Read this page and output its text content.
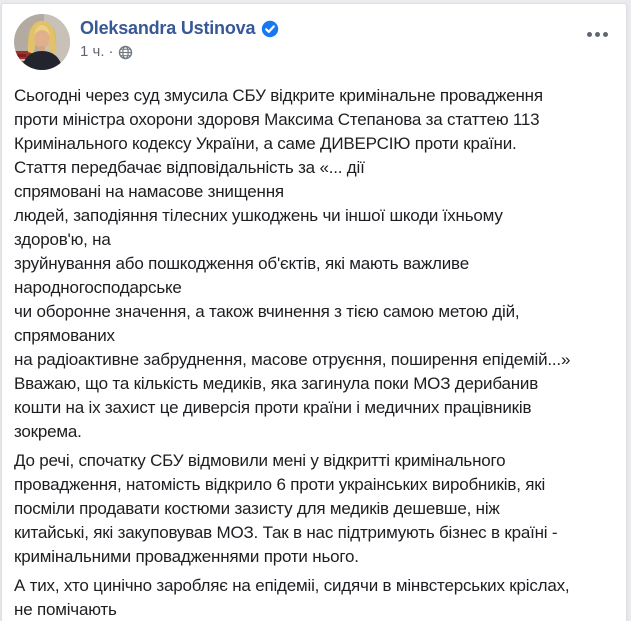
Oleksandra Ustinova
1 ч. ·
Сьогодні через суд змусила СБУ відкрите кримінальне провадження
проти міністра охорони здоровя Максима Степанова за статтею 113
Кримінального кодексу України, а саме ДИВЕРСІЮ проти країни.
Стаття передбачає відповідальність за «... дії
спрямовані на намасове знищення
людей, заподіяння тілесних ушкоджень чи іншої шкоди їхньому
здоров'ю, на
зруйнування або пошкодження об'єктів, які мають важливе
народногосподарське
чи оборонне значення, а також вчинення з тією самою метою дій,
спрямованих
на радіоактивне забруднення, масове отруєння, поширення епідемій...»
Вважаю, що та кількість медиків, яка загинула поки МОЗ дерибанив
кошти на іх захист це диверсія проти країни і медичних працівників
зокрема.
До речі, спочатку СБУ відмовили мені у відкритті кримінального
провадження, натомість відкрило 6 проти украінських виробників, які
посміли продавати костюми зазисту для медиків дешевше, ніж
китайські, які закуповував МОЗ. Так в нас підтримують бізнес в країні -
кримінальними провадженнями проти нього.
А тих, хто цинічно заробляє на епідеміі, сидячи в мінвстерських кріслах,
не помічають
